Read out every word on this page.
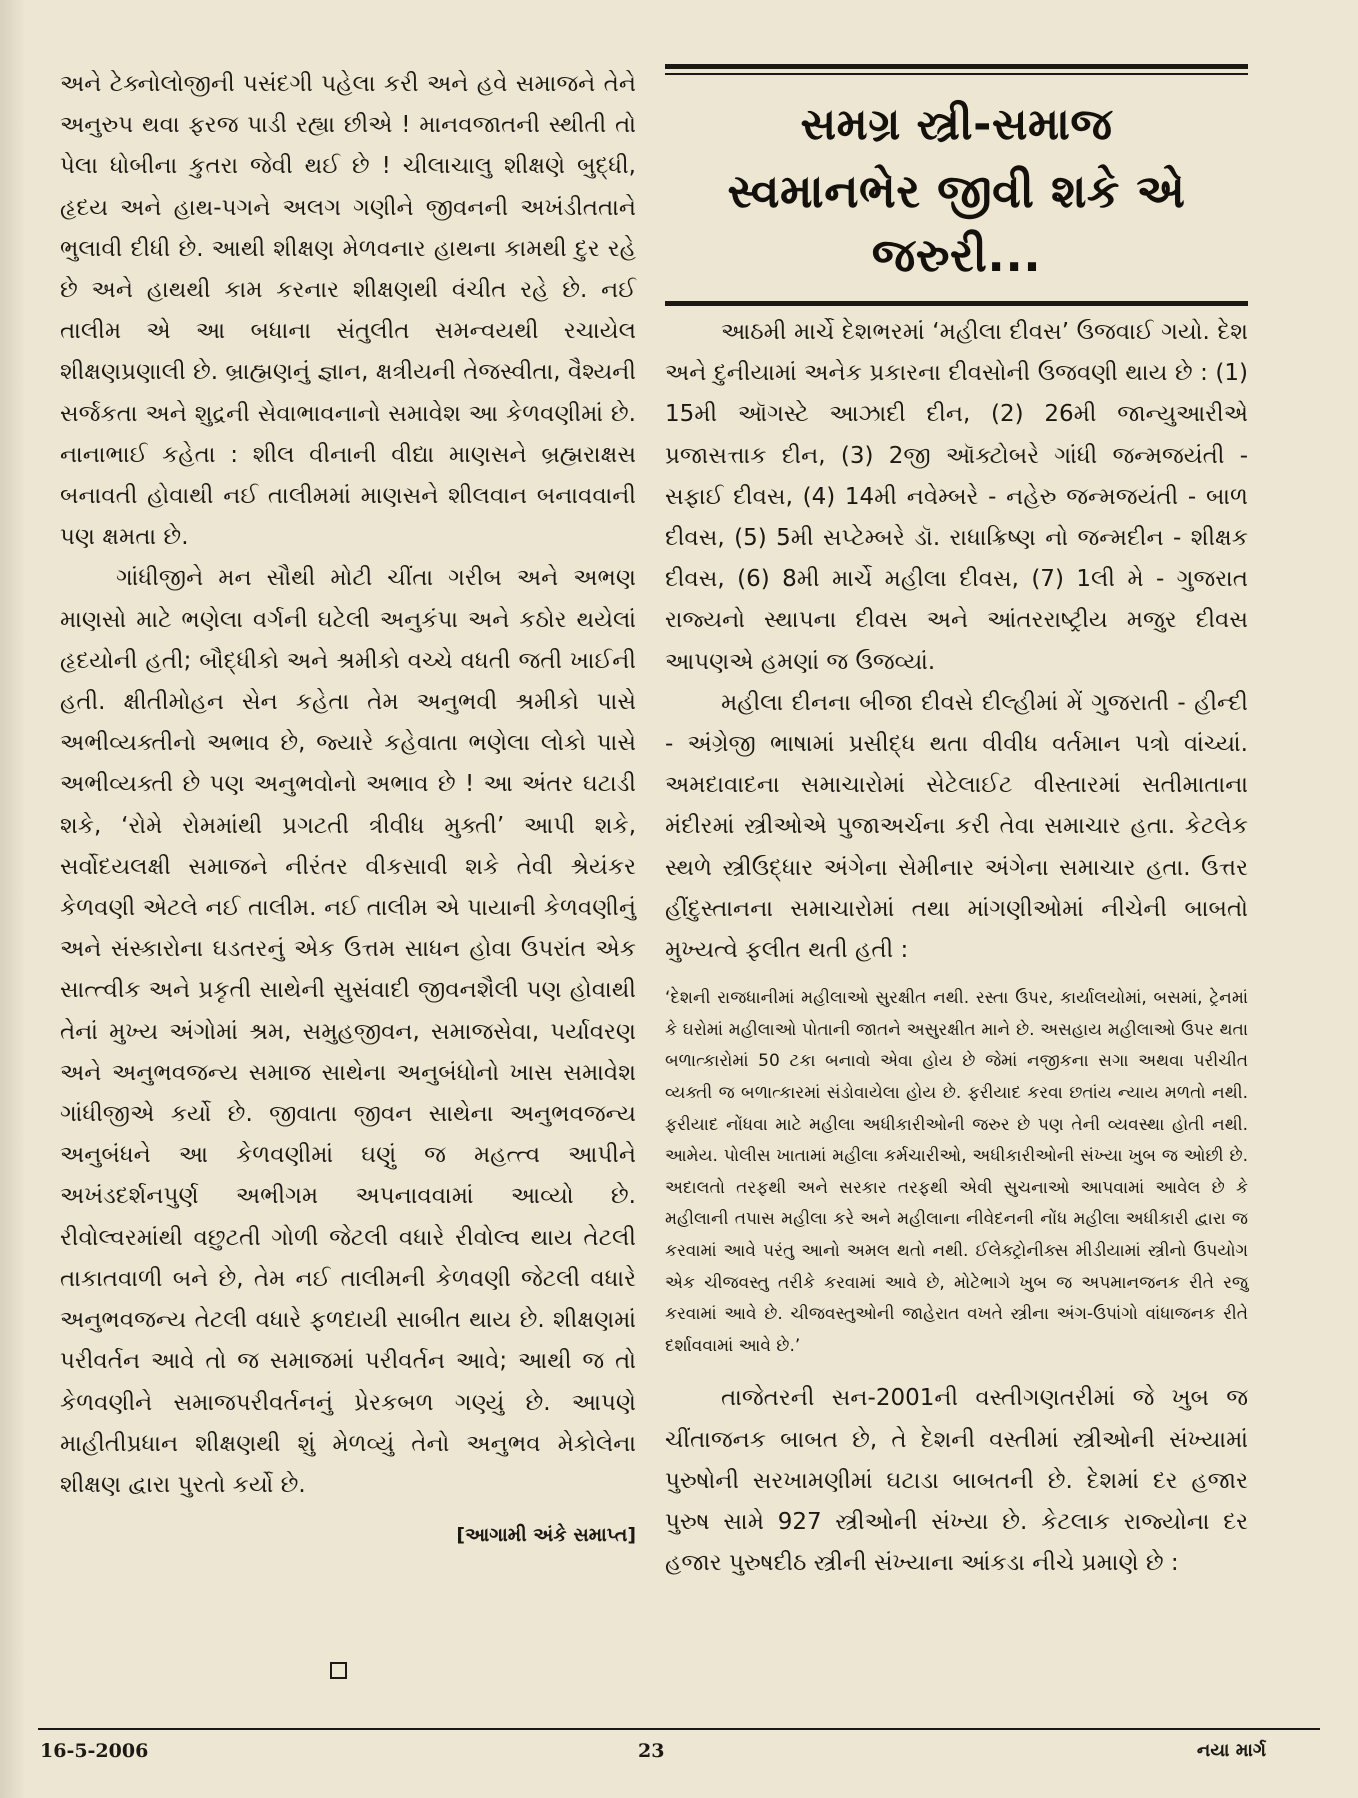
અને ટેક્નોલોજીની પસંદગી પહેલા કરી અને હવે સમાજને તેને અનુરુપ થવા ફરજ પાડી રહ્યા છીએ ! માનવજાતની સ્થીતી તો પેલા ધોબીના કુતરા જેવી થઈ છે ! ચીલાચાલુ શીક્ષણે બુદ્ધી, હૃદય અને હાથ-પગને અલગ ગણીને જીવનની અખંડીતતાને ભુલાવી દીધી છે. આથી શીક્ષણ મેળવનાર હાથના કામથી દુર રહે છે અને હાથથી કામ કરનાર શીક્ષણથી વંચીત રહે છે. નઈ તાલીમ એ આ બધાના સંતુલીત સમન્વયથી રચાયેલ શીક્ષણપ્રણાલી છે. બ્રાહ્મણનું જ્ઞાન, ક્ષત્રીયની તેજસ્વીતા, વૈશ્યની સર્જકતા અને શુદ્રની સેવાભાવનાનો સમાવેશ આ કેળવણીમાં છે. નાનાભાઈ કહેતા : શીલ વીનાની વીદ્યા માણસને બ્રહ્મરાક્ષસ બનાવતી હોવાથી નઈ તાલીમમાં માણસને શીલવાન બનાવવાની પણ ક્ષમતા છે.

ગાંધીજીને મન સૌથી મોટી ચીંતા ગરીબ અને અભણ માણસો માટે ભણેલા વર્ગની ઘટેલી અનુકંપા અને કઠોર થયેલાં હૃદયોની હતી; બૌદ્ધીકો અને શ્રમીકો વચ્ચે વધતી જતી ખાઈની હતી. ક્ષીતીમોહન સેન કહેતા તેમ અનુભવી શ્રમીકો પાસે અભીવ્યક્તીનો અભાવ છે, જ્યારે કહેવાતા ભણેલા લોકો પાસે અભીવ્યક્તી છે પણ અનુભવોનો અભાવ છે ! આ અંતર ઘટાડી શકે, ‘રોમે રોમમાંથી પ્રગટતી ત્રીવીધ મુક્તી’ આપી શકે, સર્વોદયલક્ષી સમાજને નીરંતર વીકસાવી શકે તેવી શ્રેયંકર કેળવણી એટલે નઈ તાલીમ. નઈ તાલીમ એ પાયાની કેળવણીનું અને સંસ્કારોના ઘડતરનું એક ઉત્તમ સાધન હોવા ઉપરાંત એક સાત્ત્વીક અને પ્રકૃતી સાથેની સુસંવાદી જીવનશૈલી પણ હોવાથી તેનાં મુખ્ય અંગોમાં શ્રમ, સમુહજીવન, સમાજસેવા, પર્યાવરણ અને અનુભવજન્ય સમાજ સાથેના અનુબંધોનો ખાસ સમાવેશ ગાંધીજીએ કર્યો છે. જીવાતા જીવન સાથેના અનુભવજન્ય અનુબંધને આ કેળવણીમાં ઘણું જ મહત્ત્વ આપીને અખંડદર્શનપુર્ણ અભીગમ અપનાવવામાં આવ્યો છે. રીવોલ્વરમાંથી વછુટતી ગોળી જેટલી વધારે રીવોલ્વ થાય તેટલી તાકાતવાળી બને છે, તેમ નઈ તાલીમની કેળવણી જેટલી વધારે અનુભવજન્ય તેટલી વધારે ફળદાયી સાબીત થાય છે. શીક્ષણમાં પરીવર્તન આવે તો જ સમાજમાં પરીવર્તન આવે; આથી જ તો કેળવણીને સમાજપરીવર્તનનું પ્રેરકબળ ગણ્યું છે. આપણે માહીતીપ્રધાન શીક્ષણથી શું મેળવ્યું તેનો અનુભવ મેકોલેના શીક્ષણ દ્વારા પુરતો કર્યો છે.

[આગામી અંકે સમાપ્ત]
સમગ્ર સ્ત્રી-સમાજ
સ્વમાનભેર જીવી શકે એ જરુરી...

આઠમી માર્ચે દેશભરમાં ‘મહીલા દીવસ’ ઉજવાઈ ગયો. દેશ અને દુનીયામાં અનેક પ્રકારના દીવસોની ઉજવણી થાય છે : (1) 15મી ઑગસ્ટે આઝાદી દીન, (2) 26મી જાન્યુઆરીએ પ્રજાસત્તાક દીન, (3) 2જી ઑક્ટોબરે ગાંધી જન્મજયંતી - સફાઈ દીવસ, (4) 14મી નવેમ્બરે - નહેરુ જન્મજયંતી - બાળ દીવસ, (5) 5મી સપ્ટેમ્બરે ડૉ. રાધાક્રિષ્ણ નો જન્મદીન - શીક્ષક દીવસ, (6) 8મી માર્ચે મહીલા દીવસ, (7) 1લી મે - ગુજરાત રાજ્યનો સ્થાપના દીવસ અને આંતરરાષ્ટ્રીય મજુર દીવસ આપણએ હમણાં જ ઉજવ્યાં.

મહીલા દીનના બીજા દીવસે દીલ્હીમાં મેં ગુજરાતી - હીન્દી - અંગ્રેજી ભાષામાં પ્રસીદ્ધ થતા વીવીધ વર્તમાન પત્રો વાંચ્યાં. અમદાવાદના સમાચારોમાં સેટેલાઈટ વીસ્તારમાં સતીમાતાના મંદીરમાં સ્ત્રીઓએ પુજાઅર્ચના કરી તેવા સમાચાર હતા. કેટલેક સ્થળે સ્ત્રીઉદ્ધાર અંગેના સેમીનાર અંગેના સમાચાર હતા. ઉત્તર હીંદુસ્તાનના સમાચારોમાં તથા માંગણીઓમાં નીચેની બાબતો મુખ્યત્વે ફલીત થતી હતી :

‘દેશની રાજધાનીમાં મહીલાઓ સુરક્ષીત નથી. રસ્તા ઉપર, કાર્યાલયોમાં, બસમાં, ટ્રેનમાં કે ઘરોમાં મહીલાઓ પોતાની જાતને અસુરક્ષીત માને છે. અસહાય મહીલાઓ ઉપર થતા બળાત્કારોમાં 50 ટકા બનાવો એવા હોય છે જેમાં નજીકના સગા અથવા પરીચીત વ્યક્તી જ બળાત્કારમાં સંડોવાયેલા હોય છે. ફરીયાદ કરવા છતાંય ન્યાય મળતો નથી. ફરીયાદ નોંધવા માટે મહીલા અધીકારીઓની જરુર છે પણ તેની વ્યવસ્થા હોતી નથી. આમેય. પોલીસ ખાતામાં મહીલા કર્મચારીઓ, અધીકારીઓની સંખ્યા ખુબ જ ઓછી છે. અદાલતો તરફથી અને સરકાર તરફથી એવી સુચનાઓ આપવામાં આવેલ છે કે મહીલાની તપાસ મહીલા કરે અને મહીલાના નીવેદનની નોંધ મહીલા અધીકારી દ્વારા જ કરવામાં આવે પરંતુ આનો અમલ થતો નથી. ઈલેક્ટ્રોનીક્સ મીડીયામાં સ્ત્રીનો ઉપયોગ એક ચીજવસ્તુ તરીકે કરવામાં આવે છે, મોટેભાગે ખુબ જ અપમાનજનક રીતે રજુ કરવામાં આવે છે. ચીજવસ્તુઓની જાહેરાત વખતે સ્ત્રીના અંગ-ઉપાંગો વાંધાજનક રીતે દર્શાવવામાં આવે છે.’

તાજેતરની સન-2001ની વસ્તીગણતરીમાં જે ખુબ જ ચીંતાજનક બાબત છે, તે દેશની વસ્તીમાં સ્ત્રીઓની સંખ્યામાં પુરુષોની સરખામણીમાં ઘટાડા બાબતની છે. દેશમાં દર હજાર પુરુષ સામે 927 સ્ત્રીઓની સંખ્યા છે. કેટલાક રાજ્યોના દર હજાર પુરુષદીઠ સ્ત્રીની સંખ્યાના આંકડા નીચે પ્રમાણે છે :

16-5-2006	23	નયા માર્ગ
